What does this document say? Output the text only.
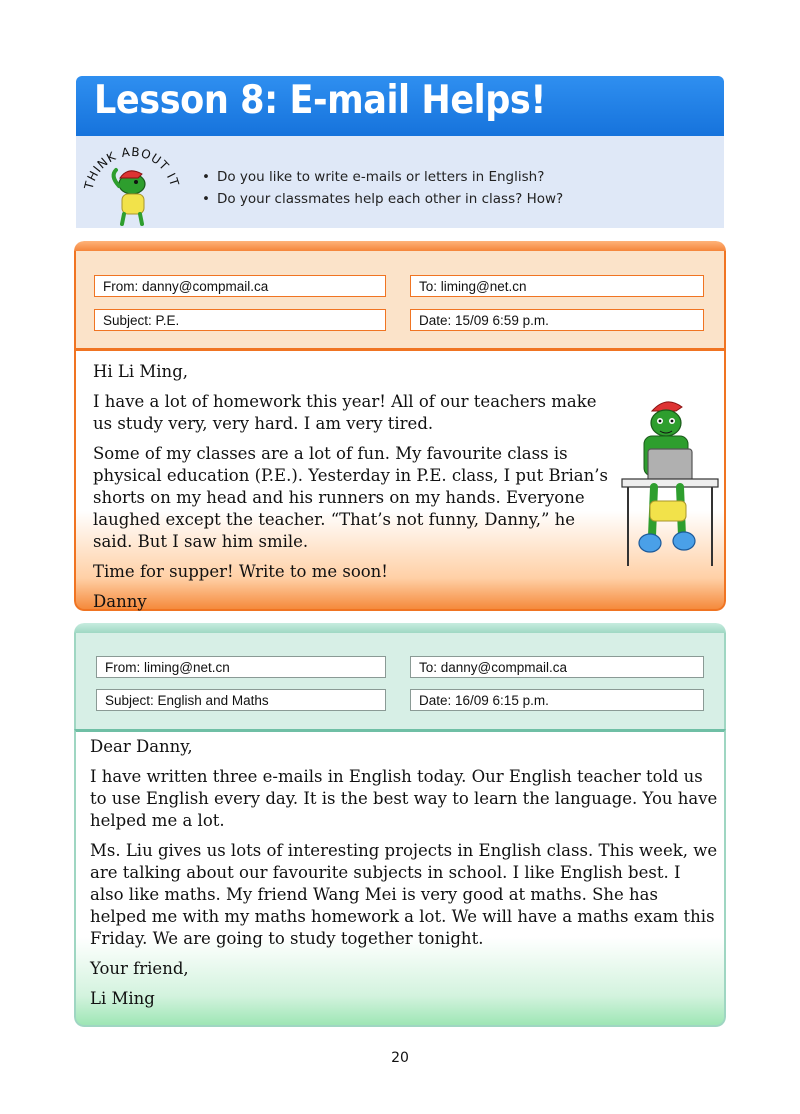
Lesson 8: E-mail Helps!
THINK ABOUT IT
•	Do you like to write e-mails or letters in English?
• Do your classmates help each other in class? How?
From: danny@compmail.ca	To: liming@net.cn
Subject: P.E.	Date: 15/09 6:59 p.m.

Hi Li Ming,

I have a lot of homework this year! All of our teachers make us study very, very hard. I am very tired.

Some of my classes are a lot of fun. My favourite class is physical education (P.E.). Yesterday in P.E. class, I put Brian’s shorts on my head and his runners on my hands. Everyone laughed except the teacher. “That’s not funny, Danny,” he said. But I saw him smile.

Time for supper! Write to me soon!

Danny

From: liming@net.cn	To: danny@compmail.ca
Subject: English and Maths	Date: 16/09 6:15 p.m.

Dear Danny,

I have written three e-mails in English today. Our English teacher told us to use English every day. It is the best way to learn the language. You have helped me a lot.

Ms. Liu gives us lots of interesting projects in English class. This week, we are talking about our favourite subjects in school. I like English best. I also like maths. My friend Wang Mei is very good at maths. She has helped me with my maths homework a lot. We will have a maths exam this Friday. We are going to study together tonight.

Your friend,

Li Ming

20
